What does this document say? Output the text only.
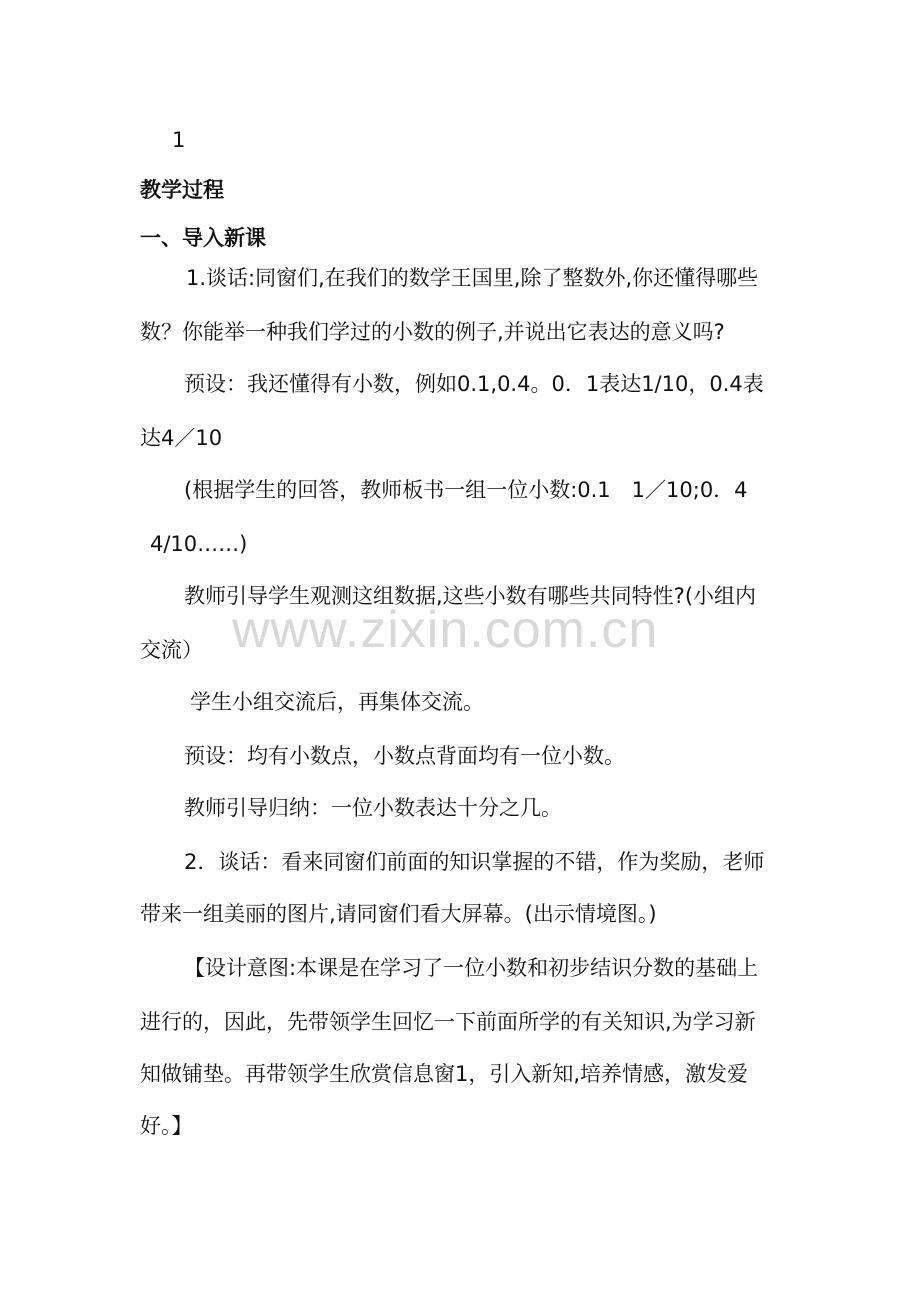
1
教学过程
一、导入新课
1.谈话:同窗们,在我们的数学王国里,除了整数外,你还懂得哪些
数？你能举一种我们学过的小数的例子,并说出它表达的意义吗?
预设：我还懂得有小数，例如0.1,0.4。0．1表达1/10，0.4表
达4／10
(根据学生的回答，教师板书一组一位小数:0.1　1／10;0．4
4/10……)
教师引导学生观测这组数据,这些小数有哪些共同特性?(小组内
交流）
学生小组交流后，再集体交流。
预设：均有小数点，小数点背面均有一位小数。
教师引导归纳：一位小数表达十分之几。
2．谈话：看来同窗们前面的知识掌握的不错，作为奖励，老师
带来一组美丽的图片,请同窗们看大屏幕。(出示情境图。)
【设计意图:本课是在学习了一位小数和初步结识分数的基础上
进行的，因此，先带领学生回忆一下前面所学的有关知识,为学习新
知做铺垫。再带领学生欣赏信息窗1，引入新知,培养情感，激发爱
好。】
www.zixin.com.cn
